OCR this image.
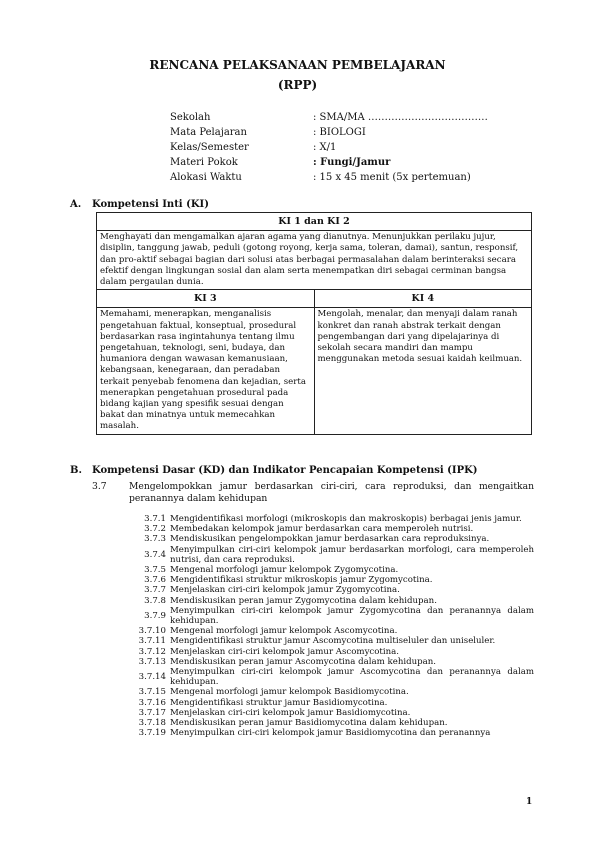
RENCANA PELAKSANAAN PEMBELAJARAN
(RPP)
Sekolah	: SMA/MA ………………………………
Mata Pelajaran	: BIOLOGI
Kelas/Semester	: X/1
Materi Pokok	: Fungi/Jamur
Alokasi Waktu	: 15 x 45 menit (5x pertemuan)
A. Kompetensi Inti (KI)
KI 1 dan KI 2	
Menghayati dan mengamalkan ajaran agama yang dianutnya. Menunjukkan perilaku jujur, disiplin, tanggung jawab, peduli (gotong royong, kerja sama, toleran, damai), santun, responsif, dan pro-aktif sebagai bagian dari solusi atas berbagai permasalahan dalam berinteraksi secara efektif dengan lingkungan sosial dan alam serta menempatkan diri sebagai cerminan bangsa dalam pergaulan dunia.	
KI 3	KI 4
Memahami, menerapkan, menganalisis pengetahuan faktual, konseptual, prosedural berdasarkan rasa ingintahunya tentang ilmu pengetahuan, teknologi, seni, budaya, dan humaniora dengan wawasan kemanusiaan, kebangsaan, kenegaraan, dan peradaban terkait penyebab fenomena dan kejadian, serta menerapkan pengetahuan prosedural pada bidang kajian yang spesifik sesuai dengan bakat dan minatnya untuk memecahkan masalah.	Mengolah, menalar, dan menyaji dalam ranah konkret dan ranah abstrak terkait dengan pengembangan dari yang dipelajarinya di sekolah secara mandiri dan mampu menggunakan metoda sesuai kaidah keilmuan.
B. Kompetensi Dasar (KD) dan Indikator Pencapaian Kompetensi (IPK)
3.7	Mengelompokkan jamur berdasarkan ciri-ciri, cara reproduksi, dan mengaitkan peranannya dalam kehidupan
3.7.1 Mengidentifikasi morfologi (mikroskopis dan makroskopis) berbagai jenis jamur.
3.7.2 Membedakan kelompok jamur berdasarkan cara memperoleh nutrisi.
3.7.3 Mendiskusikan pengelompokkan jamur berdasarkan cara reproduksinya.
3.7.4
Menyimpulkan ciri-ciri kelompok jamur berdasarkan morfologi, cara memperoleh nutrisi, dan cara reproduksi.
3.7.5 Mengenal morfologi jamur kelompok Zygomycotina.
3.7.6 Mengidentifikasi struktur mikroskopis jamur Zygomycotina.
3.7.7 Menjelaskan ciri-ciri kelompok jamur Zygomycotina.
3.7.8 Mendiskusikan peran jamur Zygomycotina dalam kehidupan.
3.7.9
Menyimpulkan ciri-ciri kelompok jamur Zygomycotina dan peranannya dalam kehidupan.
3.7.10 Mengenal morfologi jamur kelompok Ascomycotina.
3.7.11 Mengidentifikasi struktur jamur Ascomycotina multiseluler dan uniseluler.
3.7.12 Menjelaskan ciri-ciri kelompok jamur Ascomycotina.
3.7.13 Mendiskusikan peran jamur Ascomycotina dalam kehidupan.
3.7.14
Menyimpulkan ciri-ciri kelompok jamur Ascomycotina dan peranannya dalam kehidupan.
3.7.15 Mengenal morfologi jamur kelompok Basidiomycotina.
3.7.16 Mengidentifikasi struktur jamur Basidiomycotina.
3.7.17 Menjelaskan ciri-ciri kelompok jamur Basidiomycotina.
3.7.18 Mendiskusikan peran jamur Basidiomycotina dalam kehidupan.
3.7.19 Menyimpulkan ciri-ciri kelompok jamur Basidiomycotina dan peranannya
1
